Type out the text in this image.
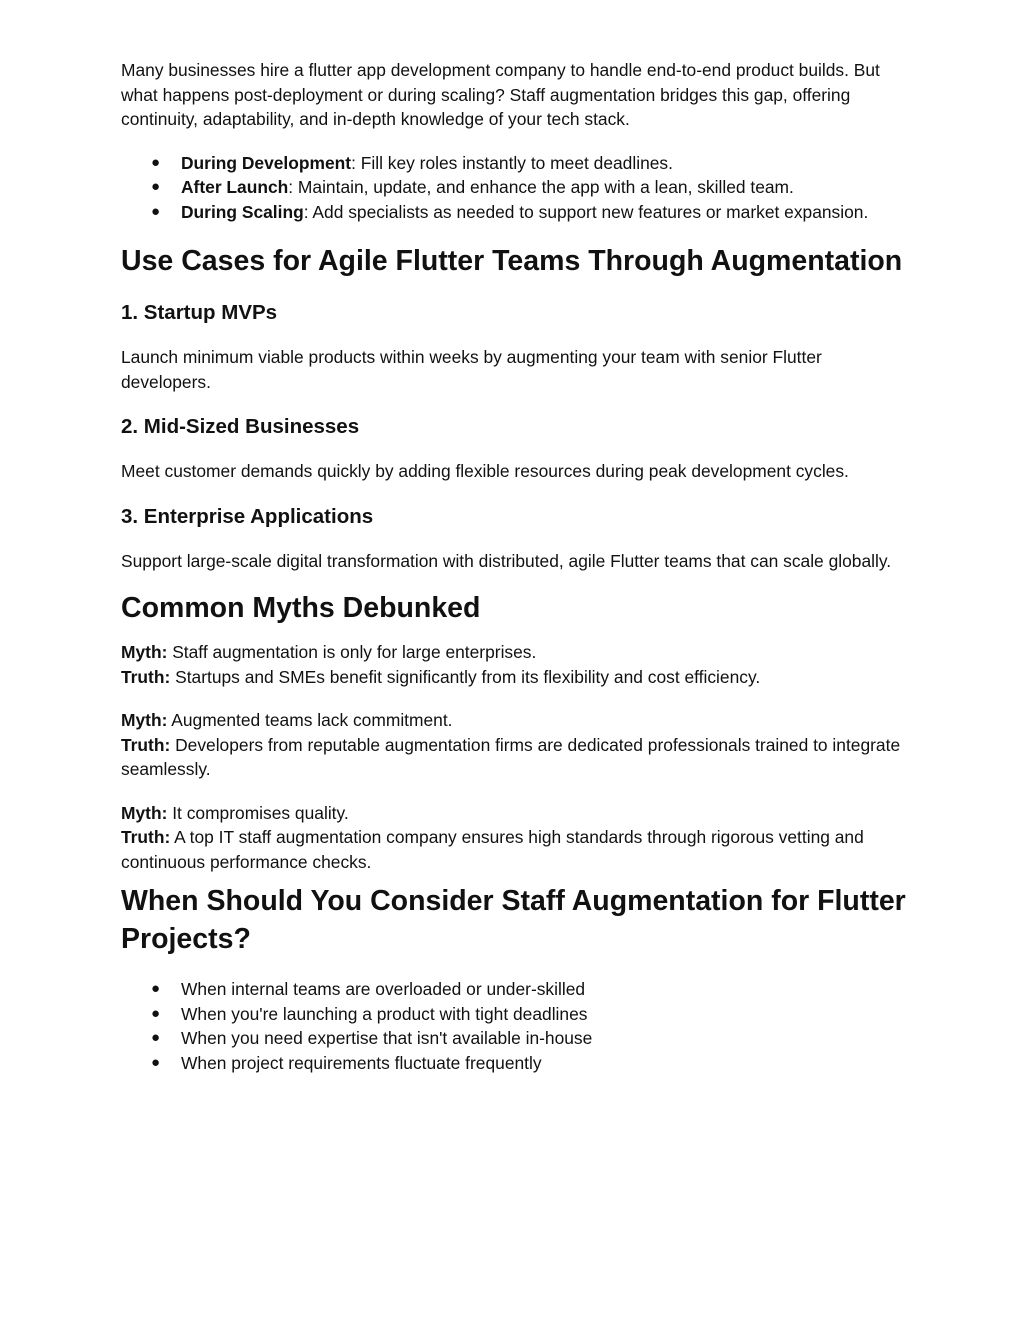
Many businesses hire a flutter app development company to handle end-to-end product builds. But what happens post-deployment or during scaling? Staff augmentation bridges this gap, offering continuity, adaptability, and in-depth knowledge of your tech stack.

● During Development: Fill key roles instantly to meet deadlines.
● After Launch: Maintain, update, and enhance the app with a lean, skilled team.
● During Scaling: Add specialists as needed to support new features or market expansion.
Use Cases for Agile Flutter Teams Through Augmentation
1. Startup MVPs

Launch minimum viable products within weeks by augmenting your team with senior Flutter developers.

2. Mid-Sized Businesses

Meet customer demands quickly by adding flexible resources during peak development cycles.

3. Enterprise Applications

Support large-scale digital transformation with distributed, agile Flutter teams that can scale globally.

Common Myths Debunked

Myth: Staff augmentation is only for large enterprises.

Truth: Startups and SMEs benefit significantly from its flexibility and cost efficiency.

Myth: Augmented teams lack commitment.

Truth: Developers from reputable augmentation firms are dedicated professionals trained to integrate seamlessly.

Myth: It compromises quality.

Truth: A top IT staff augmentation company ensures high standards through rigorous vetting and continuous performance checks.

When Should You Consider Staff Augmentation for Flutter Projects?
● When internal teams are overloaded or under-skilled
● When you're launching a product with tight deadlines
● When you need expertise that isn't available in-house
● When project requirements fluctuate frequently
